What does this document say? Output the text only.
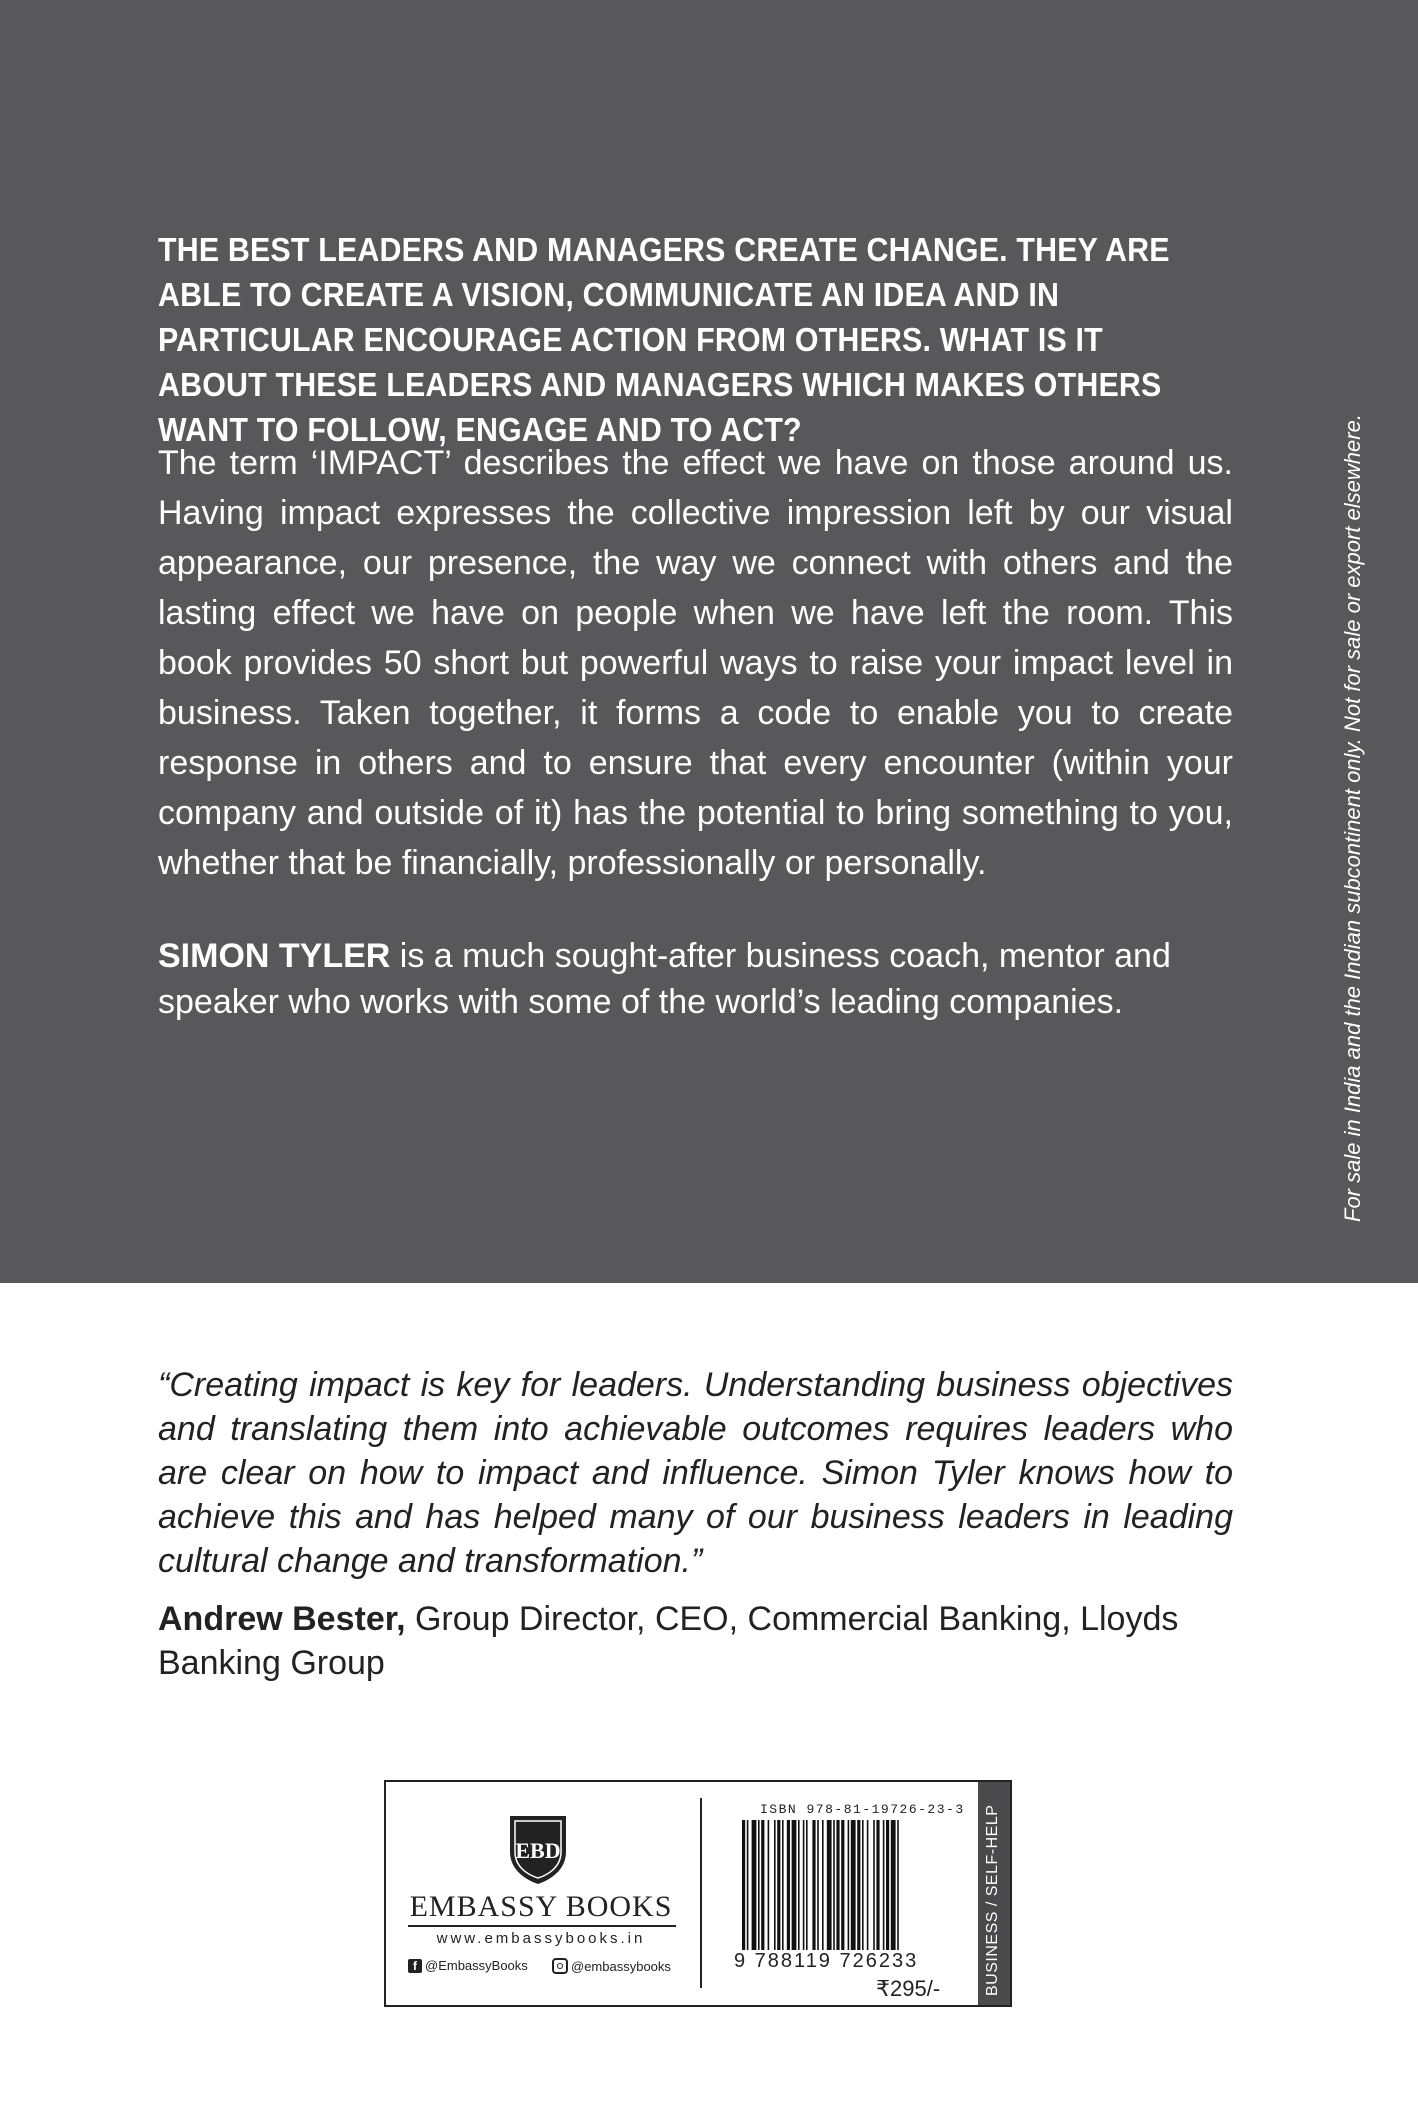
THE BEST LEADERS AND MANAGERS CREATE CHANGE. THEY ARE ABLE TO CREATE A VISION, COMMUNICATE AN IDEA AND IN PARTICULAR ENCOURAGE ACTION FROM OTHERS. WHAT IS IT ABOUT THESE LEADERS AND MANAGERS WHICH MAKES OTHERS WANT TO FOLLOW, ENGAGE AND TO ACT?
The term ‘IMPACT’ describes the effect we have on those around us. Having impact expresses the collective impression left by our visual appearance, our presence, the way we connect with others and the lasting effect we have on people when we have left the room. This book provides 50 short but powerful ways to raise your impact level in business. Taken together, it forms a code to enable you to create response in others and to ensure that every encounter (within your company and outside of it) has the potential to bring something to you, whether that be financially, professionally or personally.
SIMON TYLER is a much sought-after business coach, mentor and speaker who works with some of the world’s leading companies.	For sale in India and the Indian subcontinent only. Not for sale or export elsewhere.
“Creating impact is key for leaders. Understanding business objectives and translating them into achievable outcomes requires leaders who are clear on how to impact and influence. Simon Tyler knows how to achieve this and has helped many of our business leaders in leading cultural change and transformation.”
Andrew Bester, Group Director, CEO, Commercial Banking, Lloyds Banking Group
EBD
EMBASSY BOOKS
www.embassybooks.in
f @EmbassyBooks	@embassybooks
ISBN 978-81-19726-23-3
9 788119 726233
₹295/-	BUSINESS / SELF-HELP
